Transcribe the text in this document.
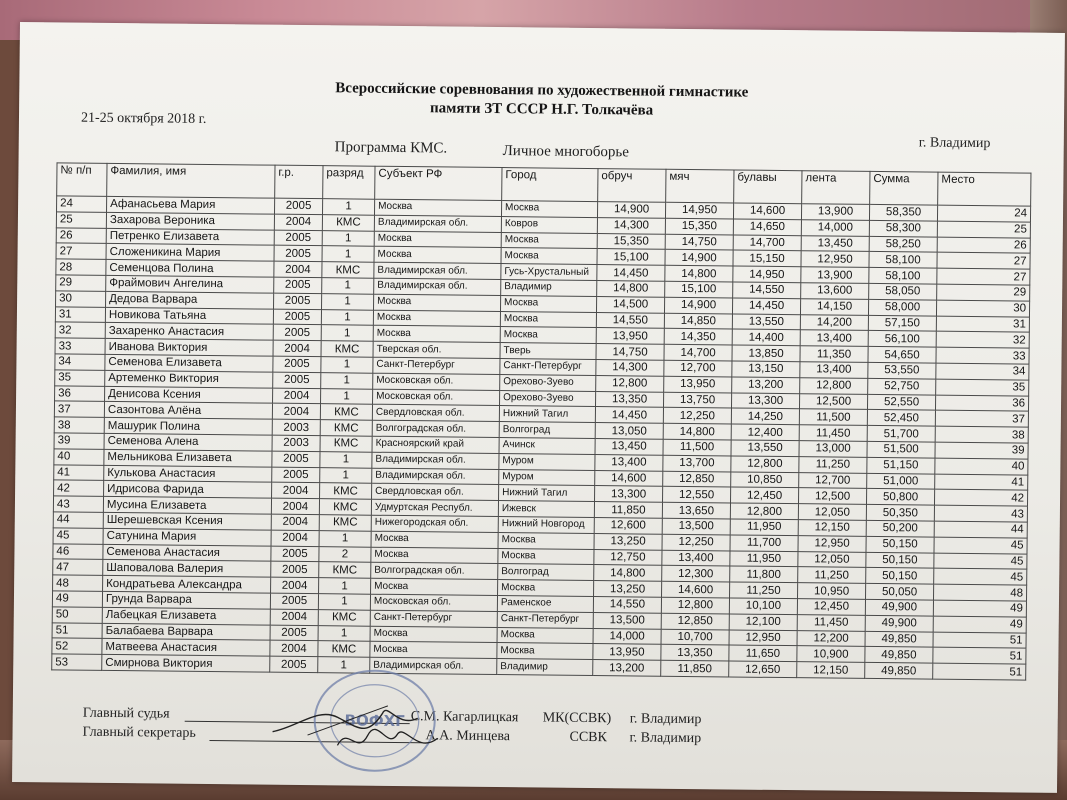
Всероссийские соревнования по художественной гимнастике
памяти ЗТ СССР Н.Г. Толкачёва
21-25 октября 2018 г.
г. Владимир
Программа КМС.	Личное многоборье
№ п/п	Фамилия, имя	г.р.	разряд	Субъект РФ	Город	обруч	мяч	булавы	лента	Сумма	Место
24	Афанасьева Мария	2005	1	Москва	Москва	14,900	14,950	14,600	13,900	58,350	24
25	Захарова Вероника	2004	КМС	Владимирская обл.	Ковров	14,300	15,350	14,650	14,000	58,300	25
26	Петренко Елизавета	2005	1	Москва	Москва	15,350	14,750	14,700	13,450	58,250	26
27	Сложеникина Мария	2005	1	Москва	Москва	15,100	14,900	15,150	12,950	58,100	27
28	Семенцова Полина	2004	КМС	Владимирская обл.	Гусь-Хрустальный	14,450	14,800	14,950	13,900	58,100	27
29	Фраймович Ангелина	2005	1	Владимирская обл.	Владимир	14,800	15,100	14,550	13,600	58,050	29
30	Дедова Варвара	2005	1	Москва	Москва	14,500	14,900	14,450	14,150	58,000	30
31	Новикова Татьяна	2005	1	Москва	Москва	14,550	14,850	13,550	14,200	57,150	31
32	Захаренко Анастасия	2005	1	Москва	Москва	13,950	14,350	14,400	13,400	56,100	32
33	Иванова Виктория	2004	КМС	Тверская обл.	Тверь	14,750	14,700	13,850	11,350	54,650	33
34	Семенова Елизавета	2005	1	Санкт-Петербург	Санкт-Петербург	14,300	12,700	13,150	13,400	53,550	34
35	Артеменко Виктория	2005	1	Московская обл.	Орехово-Зуево	12,800	13,950	13,200	12,800	52,750	35
36	Денисова Ксения	2004	1	Московская обл.	Орехово-Зуево	13,350	13,750	13,300	12,500	52,550	36
37	Сазонтова Алёна	2004	КМС	Свердловская обл.	Нижний Тагил	14,450	12,250	14,250	11,500	52,450	37
38	Машурик Полина	2003	КМС	Волгоградская обл.	Волгоград	13,050	14,800	12,400	11,450	51,700	38
39	Семенова Алена	2003	КМС	Красноярский край	Ачинск	13,450	11,500	13,550	13,000	51,500	39
40	Мельникова Елизавета	2005	1	Владимирская обл.	Муром	13,400	13,700	12,800	11,250	51,150	40
41	Кулькова Анастасия	2005	1	Владимирская обл.	Муром	14,600	12,850	10,850	12,700	51,000	41
42	Идрисова Фарида	2004	КМС	Свердловская обл.	Нижний Тагил	13,300	12,550	12,450	12,500	50,800	42
43	Мусина Елизавета	2004	КМС	Удмуртская Республ.	Ижевск	11,850	13,650	12,800	12,050	50,350	43
44	Шерешевская Ксения	2004	КМС	Нижегородская обл.	Нижний Новгород	12,600	13,500	11,950	12,150	50,200	44
45	Сатунина Мария	2004	1	Москва	Москва	13,250	12,250	11,700	12,950	50,150	45
46	Семенова Анастасия	2005	2	Москва	Москва	12,750	13,400	11,950	12,050	50,150	45
47	Шаповалова Валерия	2005	КМС	Волгоградская обл.	Волгоград	14,800	12,300	11,800	11,250	50,150	45
48	Кондратьева Александра	2004	1	Москва	Москва	13,250	14,600	11,250	10,950	50,050	48
49	Грунда Варвара	2005	1	Московская обл.	Раменское	14,550	12,800	10,100	12,450	49,900	49
50	Лабецкая Елизавета	2004	КМС	Санкт-Петербург	Санкт-Петербург	13,500	12,850	12,100	11,450	49,900	49
51	Балабаева Варвара	2005	1	Москва	Москва	14,000	10,700	12,950	12,200	49,850	51
52	Матвеева Анастасия	2004	КМС	Москва	Москва	13,950	13,350	11,650	10,900	49,850	51
53	Смирнова Виктория	2005	1	Владимирская обл.	Владимир	13,200	11,850	12,650	12,150	49,850	51
Главный судья	С.М. Кагарлицкая МК(ССВК) г. Владимир
Главный секретарь	А.А. Минцева	ССВК г. Владимир
ВОФХГ
